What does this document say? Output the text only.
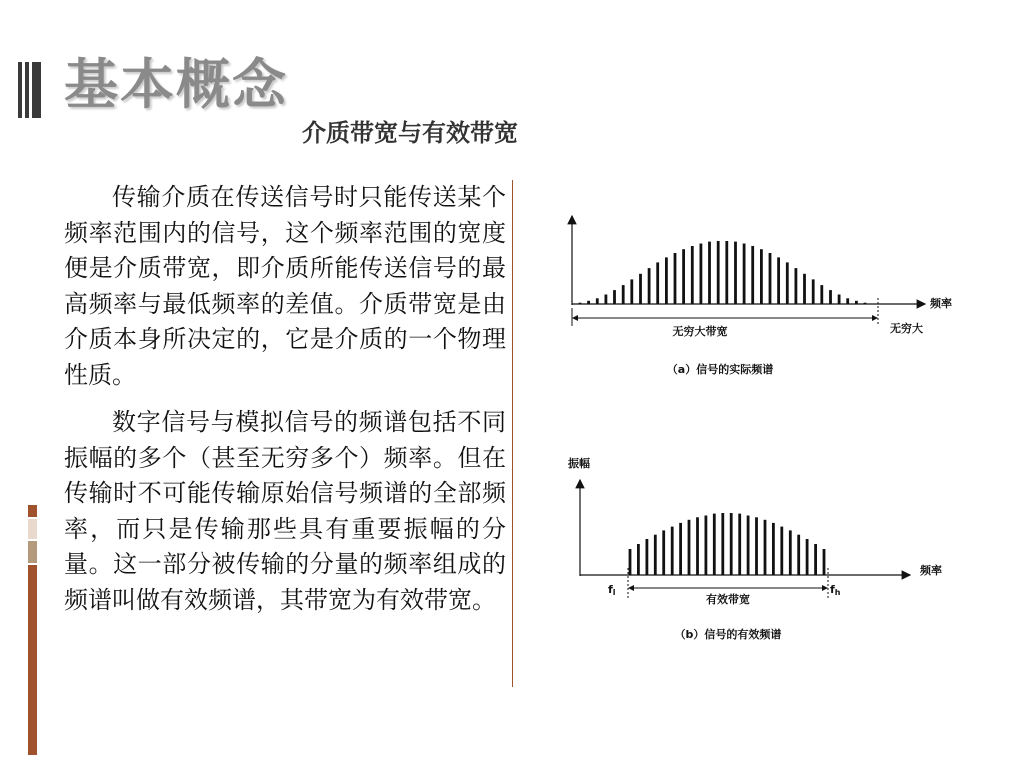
基本概念
介质带宽与有效带宽

传输介质在传送信号时只能传送某个频率范围内的信号，这个频率范围的宽度便是介质带宽，即介质所能传送信号的最高频率与最低频率的差值。介质带宽是由介质本身所决定的，它是介质的一个物理性质。

数字信号与模拟信号的频谱包括不同振幅的多个（甚至无穷多个）频率。但在传输时不可能传输原始信号频谱的全部频率，而只是传输那些具有重要振幅的分量。这一部分被传输的分量的频率组成的频谱叫做有效频谱，其带宽为有效带宽。

频率
无穷大带宽	无穷大
（a）信号的实际频谱
振幅
fl	fh
频率
有效带宽
（b）信号的有效频谱
